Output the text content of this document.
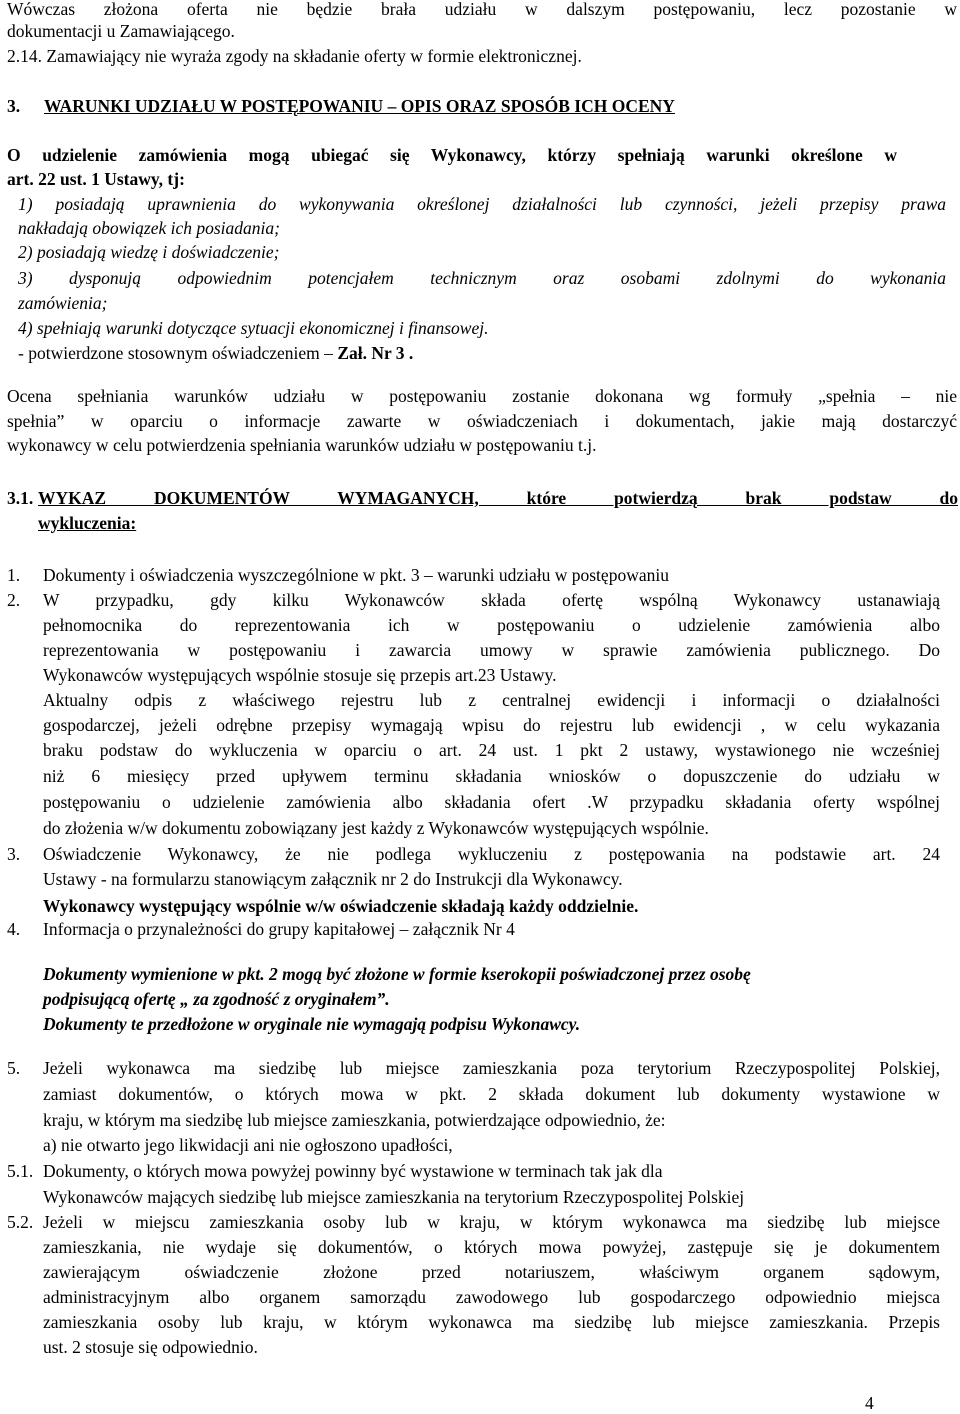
Wówczas złożona oferta nie będzie brała udziału w dalszym postępowaniu, lecz pozostanie w
dokumentacji u Zamawiającego.
2.14. Zamawiający nie wyraża zgody na składanie oferty w formie elektronicznej.
3. WARUNKI UDZIAŁU W POSTĘPOWANIU – OPIS ORAZ SPOSÓB ICH OCENY
O udzielenie zamówienia mogą ubiegać się Wykonawcy, którzy spełniają warunki określone w
art. 22 ust. 1 Ustawy, tj:
1) posiadają uprawnienia do wykonywania określonej działalności lub czynności, jeżeli przepisy prawa
nakładają obowiązek ich posiadania;
2) posiadają wiedzę i doświadczenie;
3) dysponują odpowiednim potencjałem technicznym oraz osobami zdolnymi do wykonania
zamówienia;
4) spełniają warunki dotyczące sytuacji ekonomicznej i finansowej.
- potwierdzone stosownym oświadczeniem – Zał. Nr 3 .
Ocena spełniania warunków udziału w postępowaniu zostanie dokonana wg formuły „spełnia – nie
spełnia” w oparciu o informacje zawarte w oświadczeniach i dokumentach, jakie mają dostarczyć
wykonawcy w celu potwierdzenia spełniania warunków udziału w postępowaniu t.j.
3.1. WYKAZ DOKUMENTÓW WYMAGANYCH, które potwierdzą brak podstaw do
wykluczenia:
1. Dokumenty i oświadczenia wyszczególnione w pkt. 3 – warunki udziału w postępowaniu
2. W przypadku, gdy kilku Wykonawców składa ofertę wspólną Wykonawcy ustanawiają
pełnomocnika do reprezentowania ich w postępowaniu o udzielenie zamówienia albo
reprezentowania w postępowaniu i zawarcia umowy w sprawie zamówienia publicznego. Do
Wykonawców występujących wspólnie stosuje się przepis art.23 Ustawy.
Aktualny odpis z właściwego rejestru lub z centralnej ewidencji i informacji o działalności
gospodarczej, jeżeli odrębne przepisy wymagają wpisu do rejestru lub ewidencji , w celu wykazania
braku podstaw do wykluczenia w oparciu o art. 24 ust. 1 pkt 2 ustawy, wystawionego nie wcześniej
niż 6 miesięcy przed upływem terminu składania wniosków o dopuszczenie do udziału w
postępowaniu o udzielenie zamówienia albo składania ofert .W przypadku składania oferty wspólnej
do złożenia w/w dokumentu zobowiązany jest każdy z Wykonawców występujących wspólnie.
3. Oświadczenie Wykonawcy, że nie podlega wykluczeniu z postępowania na podstawie art. 24
Ustawy - na formularzu stanowiącym załącznik nr 2 do Instrukcji dla Wykonawcy.
Wykonawcy występujący wspólnie w/w oświadczenie składają każdy oddzielnie.
4. Informacja o przynależności do grupy kapitałowej – załącznik Nr 4
Dokumenty wymienione w pkt. 2 mogą być złożone w formie kserokopii poświadczonej przez osobę
podpisującą ofertę „ za zgodność z oryginałem”.
Dokumenty te przedłożone w oryginale nie wymagają podpisu Wykonawcy.
5. Jeżeli wykonawca ma siedzibę lub miejsce zamieszkania poza terytorium Rzeczypospolitej Polskiej,
zamiast dokumentów, o których mowa w pkt. 2 składa dokument lub dokumenty wystawione w
kraju, w którym ma siedzibę lub miejsce zamieszkania, potwierdzające odpowiednio, że:
a) nie otwarto jego likwidacji ani nie ogłoszono upadłości,
5.1. Dokumenty, o których mowa powyżej powinny być wystawione w terminach tak jak dla
Wykonawców mających siedzibę lub miejsce zamieszkania na terytorium Rzeczypospolitej Polskiej
5.2. Jeżeli w miejscu zamieszkania osoby lub w kraju, w którym wykonawca ma siedzibę lub miejsce
zamieszkania, nie wydaje się dokumentów, o których mowa powyżej, zastępuje się je dokumentem
zawierającym oświadczenie złożone przed notariuszem, właściwym organem sądowym,
administracyjnym albo organem samorządu zawodowego lub gospodarczego odpowiednio miejsca
zamieszkania osoby lub kraju, w którym wykonawca ma siedzibę lub miejsce zamieszkania. Przepis
ust. 2 stosuje się odpowiednio.
4
